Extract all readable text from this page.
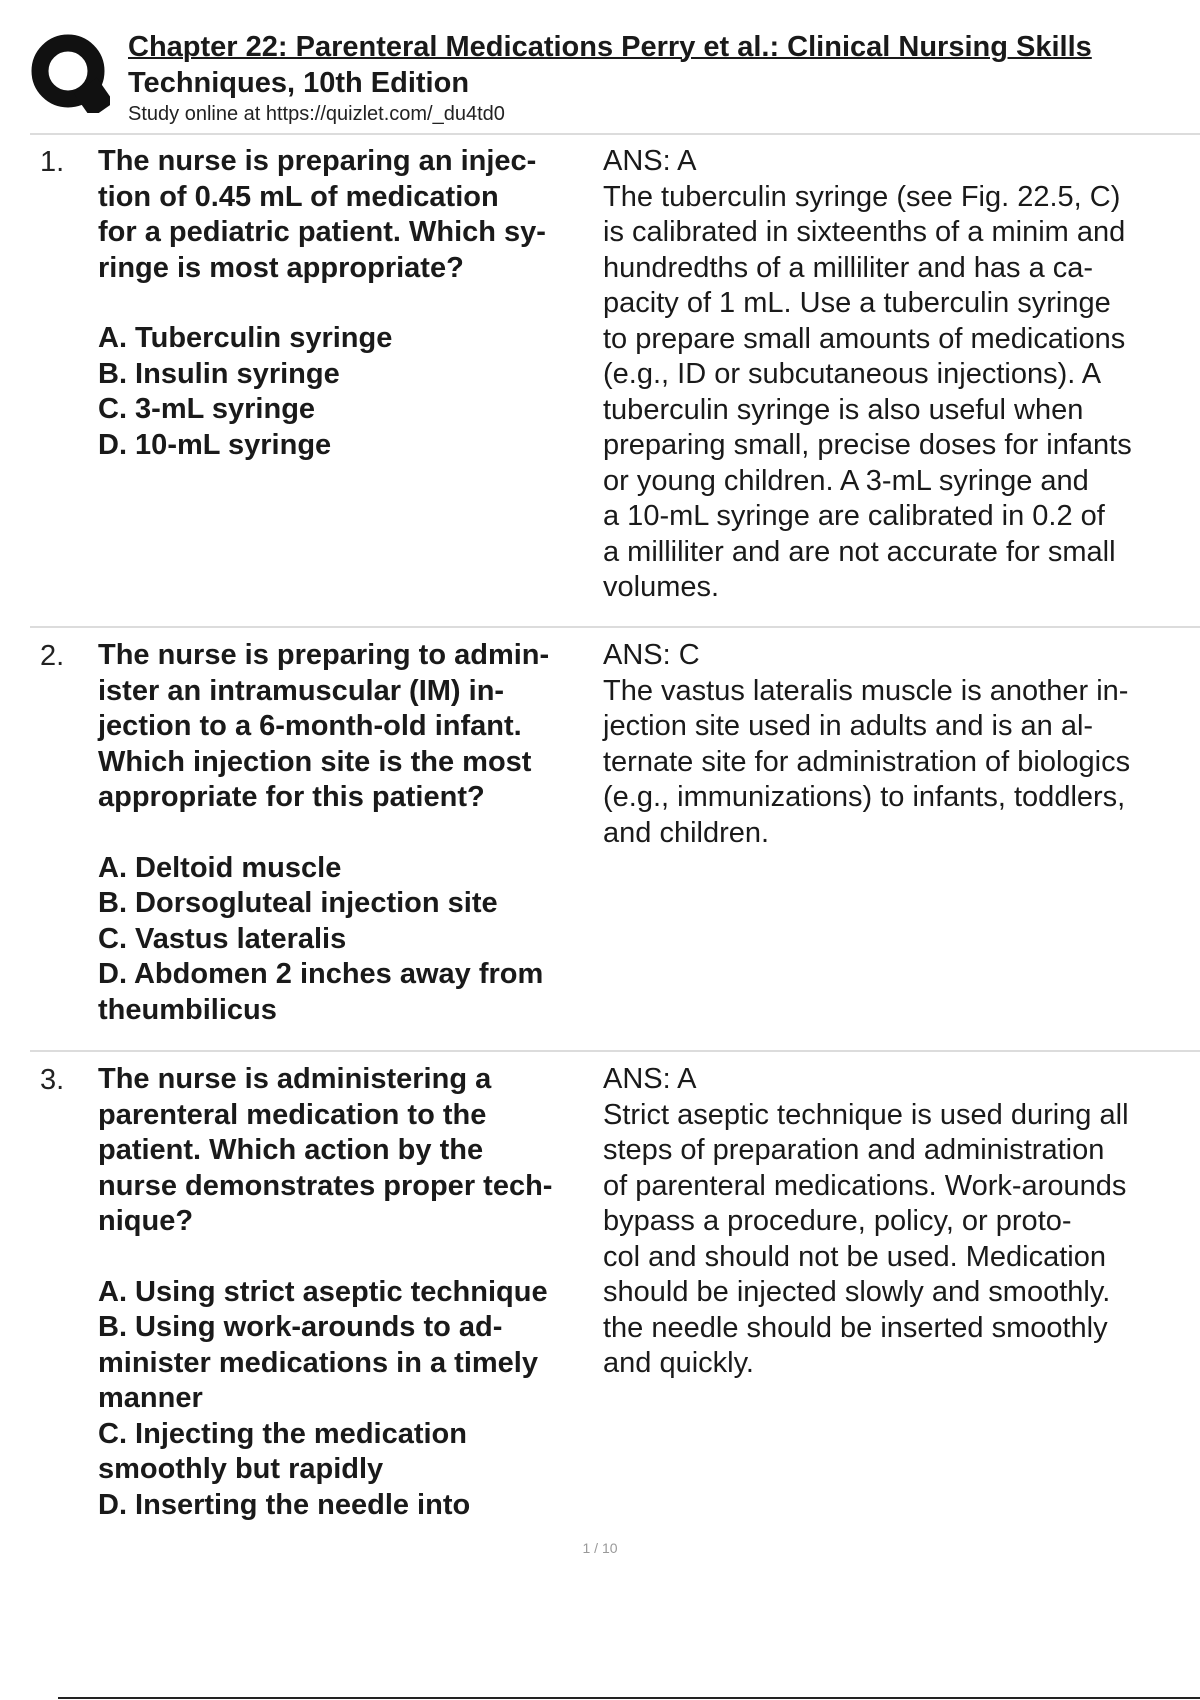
Chapter 22: Parenteral Medications Perry et al.: Clinical Nursing Skills
Techniques, 10th Edition
Study online at https://quizlet.com/_du4td0
1. The nurse is preparing an injec-
tion of 0.45 mL of medication
for a pediatric patient. Which sy-
ringe is most appropriate?
A. Tuberculin syringe
B. Insulin syringe
C. 3-mL syringe
D. 10-mL syringe
ANS: A
The tuberculin syringe (see Fig. 22.5, C)
is calibrated in sixteenths of a minim and
hundredths of a milliliter and has a ca-
pacity of 1 mL. Use a tuberculin syringe
to prepare small amounts of medications
(e.g., ID or subcutaneous injections). A
tuberculin syringe is also useful when
preparing small, precise doses for infants
or young children. A 3-mL syringe and
a 10-mL syringe are calibrated in 0.2 of
a milliliter and are not accurate for small
volumes.
2. The nurse is preparing to admin-
ister an intramuscular (IM) in-
jection to a 6-month-old infant.
Which injection site is the most
appropriate for this patient?
A. Deltoid muscle
B. Dorsogluteal injection site
C. Vastus lateralis
D. Abdomen 2 inches away from
theumbilicus
ANS: C
The vastus lateralis muscle is another in-
jection site used in adults and is an al-
ternate site for administration of biologics
(e.g., immunizations) to infants, toddlers,
and children.
3. The nurse is administering a
parenteral medication to the
patient. Which action by the
nurse demonstrates proper tech-
nique?
A. Using strict aseptic technique
B. Using work-arounds to ad-
minister medications in a timely
manner
C. Injecting the medication
smoothly but rapidly
D. Inserting the needle into
ANS: A
Strict aseptic technique is used during all
steps of preparation and administration
of parenteral medications. Work-arounds
bypass a procedure, policy, or proto-
col and should not be used. Medication
should be injected slowly and smoothly.
the needle should be inserted smoothly
and quickly.
1 / 10
